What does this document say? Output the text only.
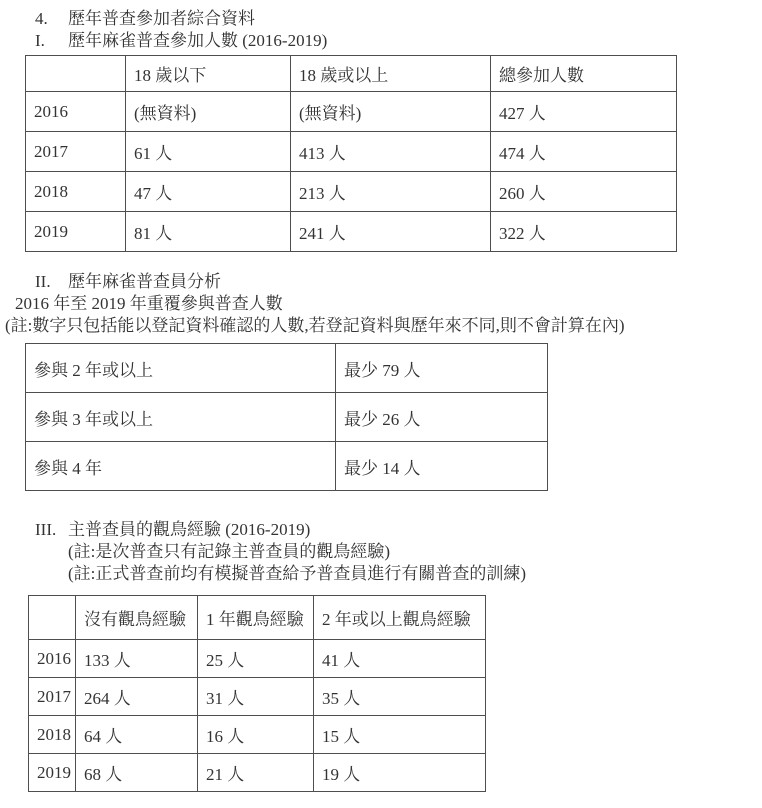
4.	歷年普查參加者綜合資料
I.	歷年麻雀普查參加人數 (2016-2019)
	18 歲以下	18 歲或以上	總參加人數
2016	(無資料)	(無資料)	427 人
2017	61 人	413 人	474 人
2018	47 人	213 人	260 人
2019	81 人	241 人	322 人
II.	歷年麻雀普查員分析
2016 年至 2019 年重覆參與普查人數
(註:數字只包括能以登記資料確認的人數,若登記資料與歷年來不同,則不會計算在內)
參與 2 年或以上	最少 79 人
參與 3 年或以上	最少 26 人
參與 4 年	最少 14 人
III. 主普查員的觀鳥經驗 (2016-2019)
(註:是次普查只有記錄主普查員的觀鳥經驗)
(註:正式普查前均有模擬普查給予普查員進行有關普查的訓練)
	沒有觀鳥經驗	1 年觀鳥經驗	2 年或以上觀鳥經驗
2016	133 人	25 人	41 人
2017	264 人	31 人	35 人
2018	64 人	16 人	15 人
2019	68 人	21 人	19 人
